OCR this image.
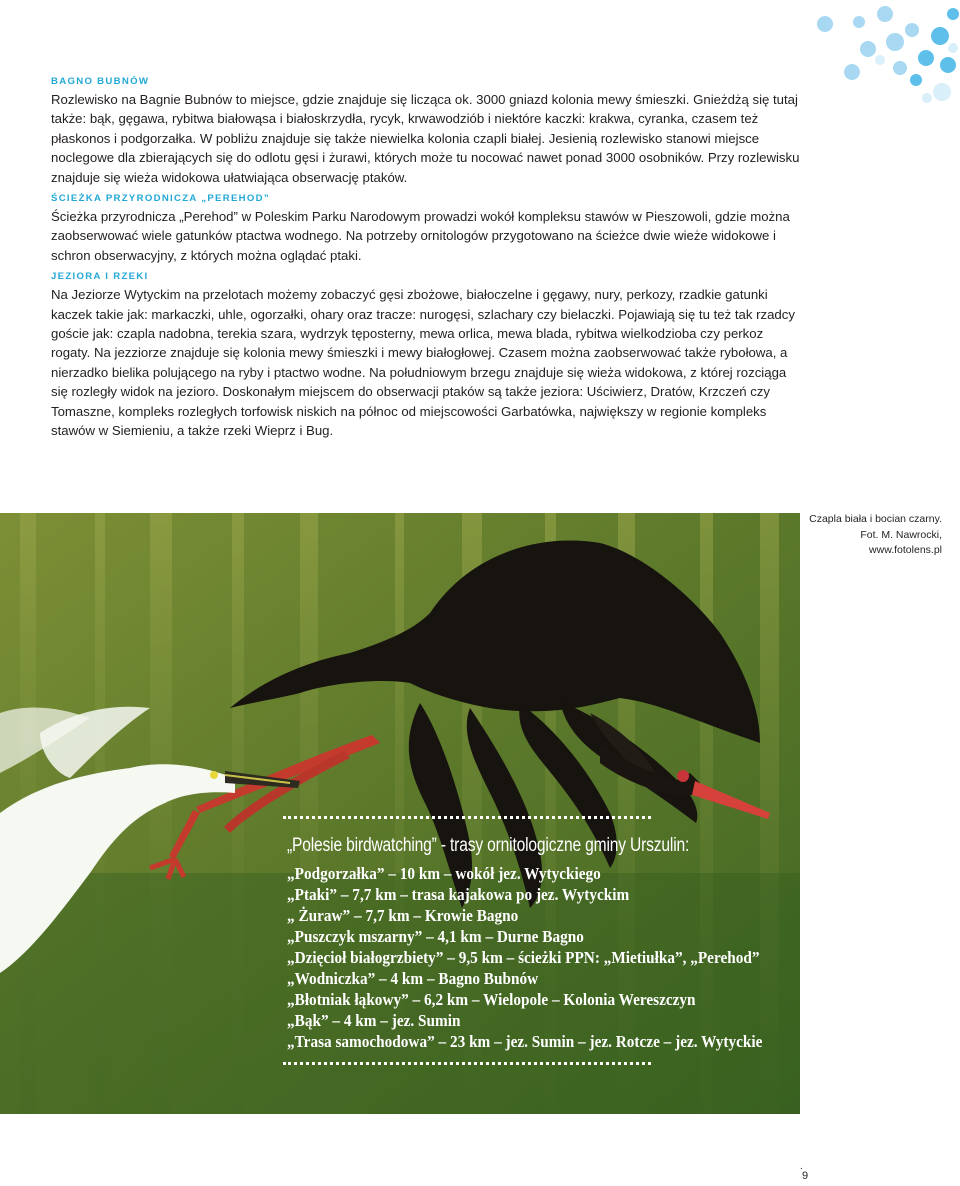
BAGNO BUBNÓW

Rozlewisko na Bagnie Bubnów to miejsce, gdzie znajduje się licząca ok. 3000 gniazd kolonia mewy śmieszki. Gnieżdżą się tutaj także: bąk, gęgawa, rybitwa białowąsa i białoskrzydła, rycyk, krwawodziób i niektóre kaczki: krakwa, cyranka, czasem też płaskonos i podgorzałka. W pobliżu znajduje się także niewielka kolonia czapli białej. Jesienią rozlewisko stanowi miejsce noclegowe dla zbierających się do odlotu gęsi i żurawi, których może tu nocować nawet ponad 3000 osobników. Przy rozlewisku znajduje się wieża widokowa ułatwiająca obserwację ptaków.

ŚCIEŻKA PRZYRODNICZA „PEREHOD”

Ścieżka przyrodnicza „Perehod” w Poleskim Parku Narodowym prowadzi wokół kompleksu stawów w Pieszowoli, gdzie można zaobserwować wiele gatunków ptactwa wodnego. Na potrzeby ornitologów przygotowano na ścieżce dwie wieże widokowe i schron obserwacyjny, z których można oglądać ptaki.

JEZIORA I RZEKI

Na Jeziorze Wytyckim na przelotach możemy zobaczyć gęsi zbożowe, białoczelne i gęgawy, nury, perkozy, rzadkie gatunki kaczek takie jak: markaczki, uhle, ogorzałki, ohary oraz tracze: nurogęsi, szlachary czy bielaczki. Pojawiają się tu też tak rzadcy goście jak: czapla nadobna, terekia szara, wydrzyk tęposterny, mewa orlica, mewa blada, rybitwa wielkodzioba czy perkoz rogaty. Na jezziorze znajduje się kolonia mewy śmieszki i mewy białogłowej. Czasem można zaobserwować także rybołowa, a nierzadko bielika polującego na ryby i ptactwo wodne. Na południowym brzegu znajduje się wieża widokowa, z której rozciąga się rozległy widok na jezioro. Doskonałym miejscem do obserwacji ptaków są także jeziora: Uściwierz, Dratów, Krzczeń czy Tomaszne, kompleks rozległych torfowisk niskich na północ od miejscowości Garbatówka, największy w regionie kompleks stawów w Siemieniu, a także rzeki Wieprz i Bug.

Czapla biała i bocian czarny.
Fot. M. Nawrocki,
www.fotolens.pl
„Polesie birdwatching” - trasy ornitologiczne gminy Urszulin:
„Podgorzałka” – 10 km – wokół jez. Wytyckiego
„Ptaki” – 7,7 km – trasa kajakowa po jez. Wytyckim
„ Żuraw” – 7,7 km – Krowie Bagno
„Puszczyk mszarny” – 4,1 km – Durne Bagno
„Dzięcioł białogrzbiety” – 9,5 km – ścieżki PPN: „Mietiułka”, „Perehod”
„Wodniczka” – 4 km – Bagno Bubnów
„Błotniak łąkowy” – 6,2 km – Wielopole – Kolonia Wereszczyn
„Bąk” – 4 km – jez. Sumin
„Trasa samochodowa” – 23 km – jez. Sumin – jez. Rotcze – jez. Wytyckie
.
9
